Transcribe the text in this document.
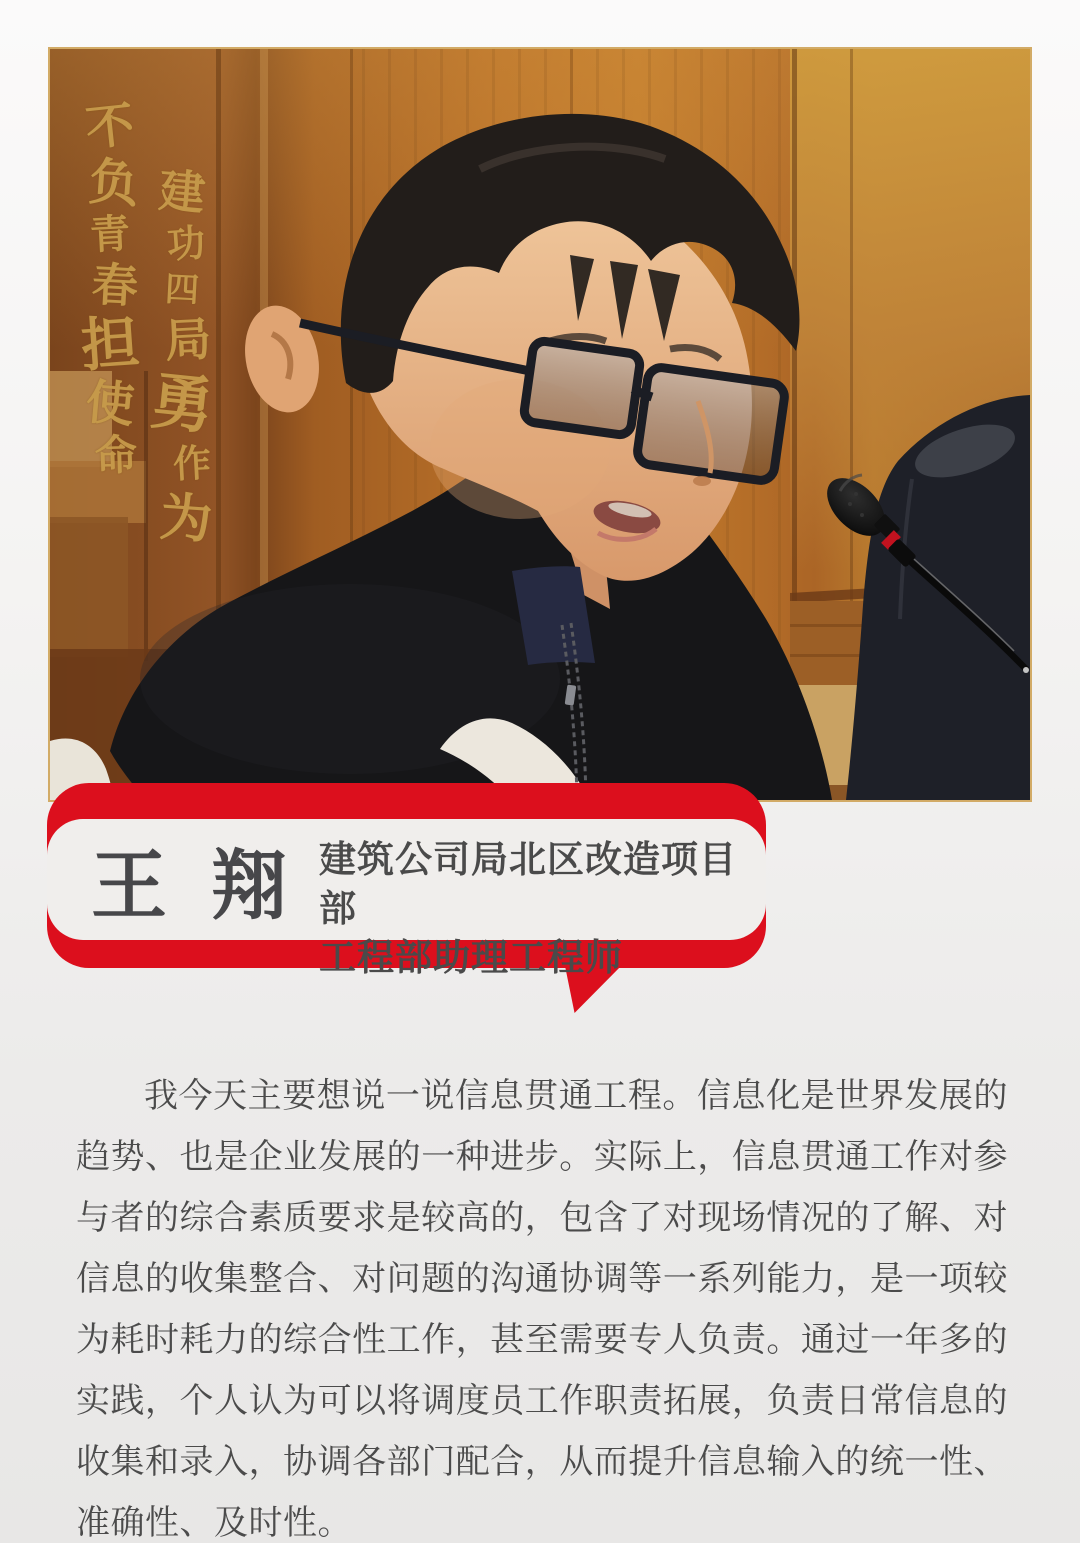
不
负
青
春
担
使
命
建
功
四
局
勇
作
为
王 翔 建筑公司局北区改造项目部
工程部助理工程师

我今天主要想说一说信息贯通工程。信息化是世界发展的趋势、也是企业发展的一种进步。实际上，信息贯通工作对参与者的综合素质要求是较高的，包含了对现场情况的了解、对信息的收集整合、对问题的沟通协调等一系列能力，是一项较为耗时耗力的综合性工作，甚至需要专人负责。通过一年多的实践，个人认为可以将调度员工作职责拓展，负责日常信息的收集和录入，协调各部门配合，从而提升信息输入的统一性、准确性、及时性。
